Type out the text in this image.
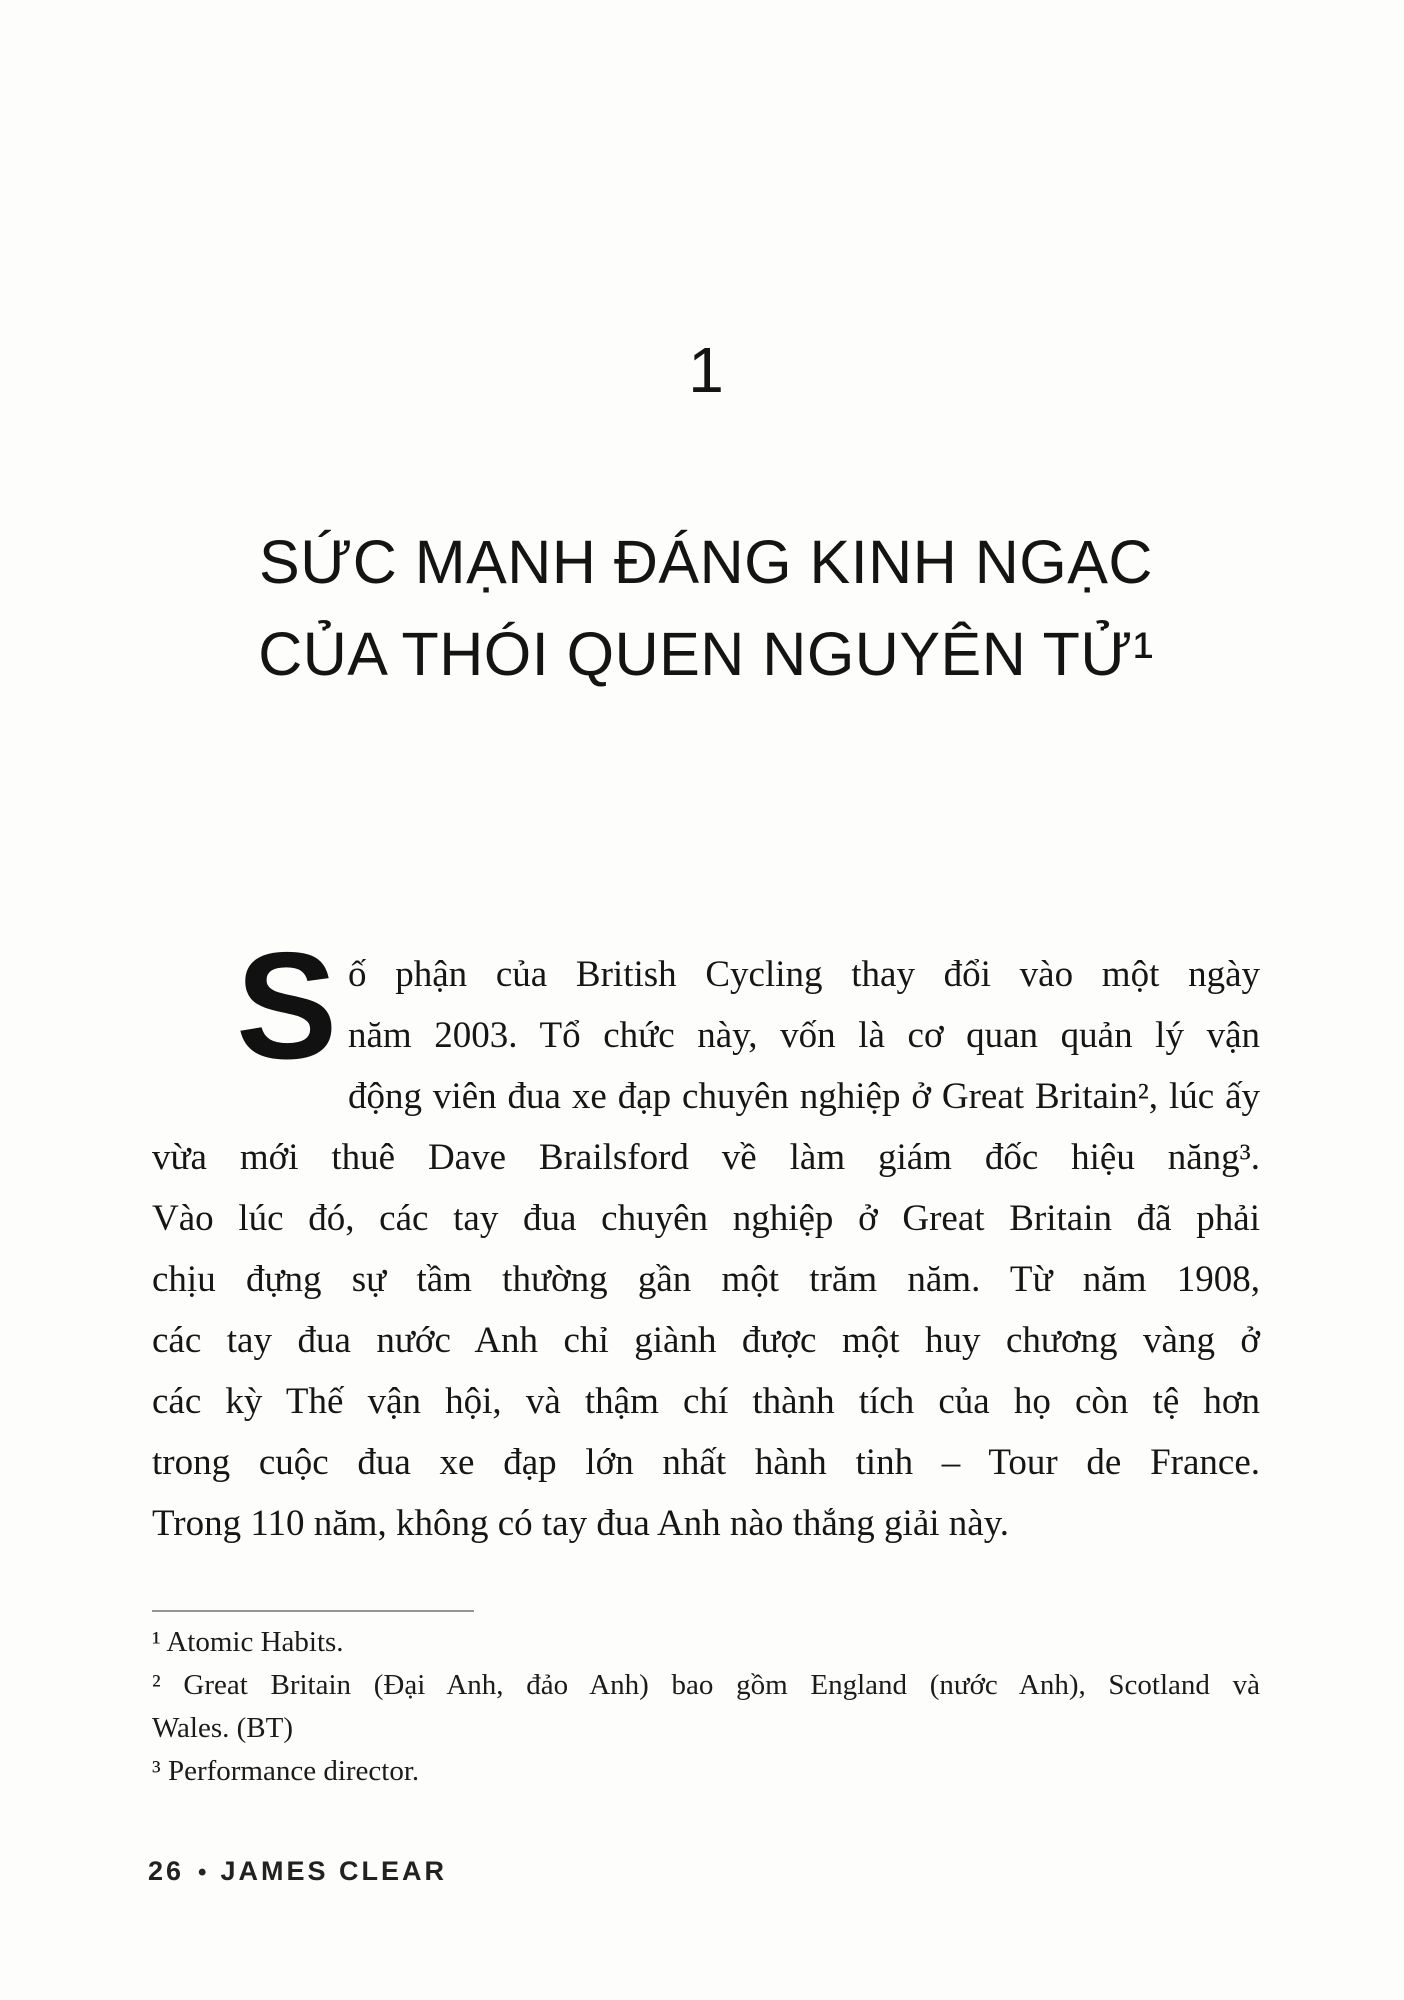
1
SỨC MẠNH ĐÁNG KINH NGẠC
CỦA THÓI QUEN NGUYÊN TỬ¹
S ố phận của British Cycling thay đổi vào một ngày
năm 2003. Tổ chức này, vốn là cơ quan quản lý vận
động viên đua xe đạp chuyên nghiệp ở Great Britain², lúc ấy
vừa mới thuê Dave Brailsford về làm giám đốc hiệu năng³.
Vào lúc đó, các tay đua chuyên nghiệp ở Great Britain đã phải
chịu đựng sự tầm thường gần một trăm năm. Từ năm 1908,
các tay đua nước Anh chỉ giành được một huy chương vàng ở
các kỳ Thế vận hội, và thậm chí thành tích của họ còn tệ hơn
trong cuộc đua xe đạp lớn nhất hành tinh – Tour de France.
Trong 110 năm, không có tay đua Anh nào thắng giải này.
¹ Atomic Habits.
² Great Britain (Đại Anh, đảo Anh) bao gồm England (nước Anh), Scotland và
Wales. (BT)
³ Performance director.
26 • JAMES CLEAR
